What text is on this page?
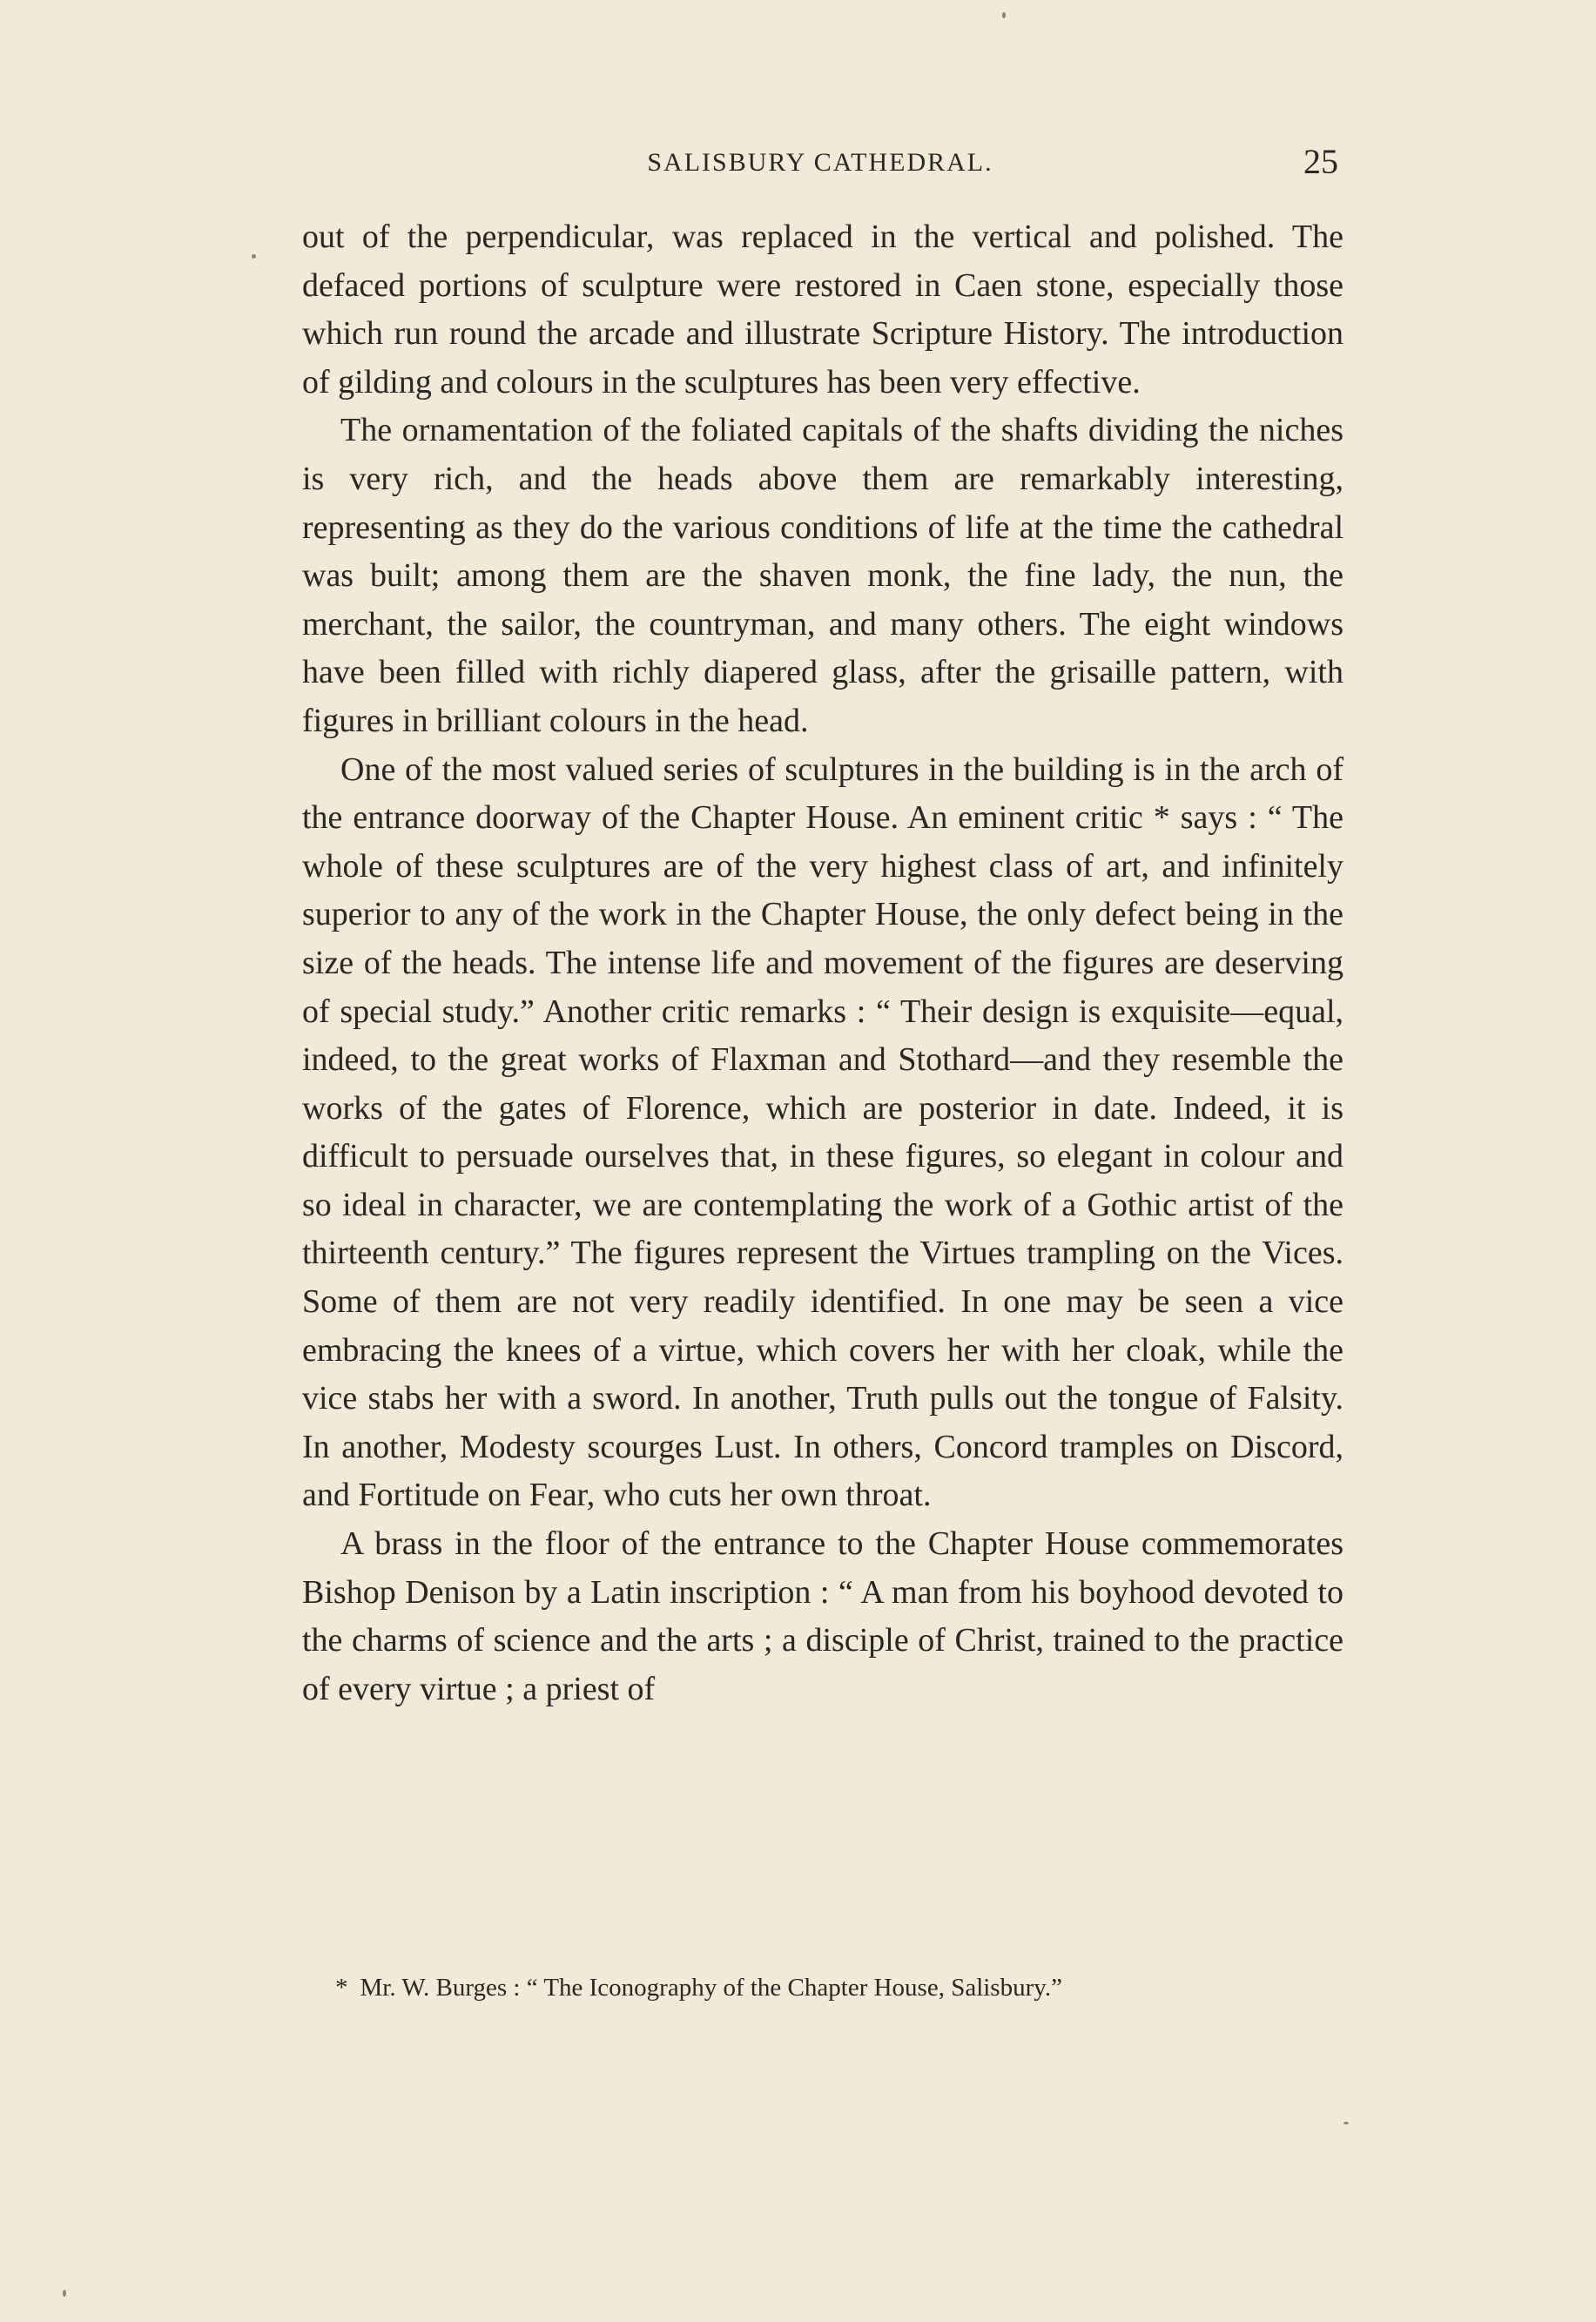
SALISBURY CATHEDRAL.	25

out of the perpendicular, was replaced in the vertical and polished. The defaced portions of sculpture were restored in Caen stone, especially those which run round the arcade and illustrate Scripture History. The introduction of gilding and colours in the sculptures has been very effective.

The ornamentation of the foliated capitals of the shafts dividing the niches is very rich, and the heads above them are remarkably interesting, representing as they do the various conditions of life at the time the cathedral was built; among them are the shaven monk, the fine lady, the nun, the merchant, the sailor, the countryman, and many others. The eight windows have been filled with richly diapered glass, after the grisaille pattern, with figures in brilliant colours in the head.

One of the most valued series of sculptures in the building is in the arch of the entrance doorway of the Chapter House. An eminent critic * says : “ The whole of these sculptures are of the very highest class of art, and infinitely superior to any of the work in the Chapter House, the only defect being in the size of the heads. The intense life and movement of the figures are deserving of special study.” Another critic remarks : “ Their design is exquisite—equal, indeed, to the great works of Flaxman and Stothard—and they resemble the works of the gates of Florence, which are posterior in date. Indeed, it is difficult to persuade ourselves that, in these figures, so elegant in colour and so ideal in character, we are contemplating the work of a Gothic artist of the thirteenth century.” The figures represent the Virtues trampling on the Vices. Some of them are not very readily identified. In one may be seen a vice embracing the knees of a virtue, which covers her with her cloak, while the vice stabs her with a sword. In another, Truth pulls out the tongue of Falsity. In another, Modesty scourges Lust. In others, Concord tramples on Discord, and Fortitude on Fear, who cuts her own throat.

A brass in the floor of the entrance to the Chapter House commemorates Bishop Denison by a Latin inscription : “ A man from his boyhood devoted to the charms of science and the arts ; a disciple of Christ, trained to the practice of every virtue ; a priest of

* Mr. W. Burges : “ The Iconography of the Chapter House, Salisbury.”
